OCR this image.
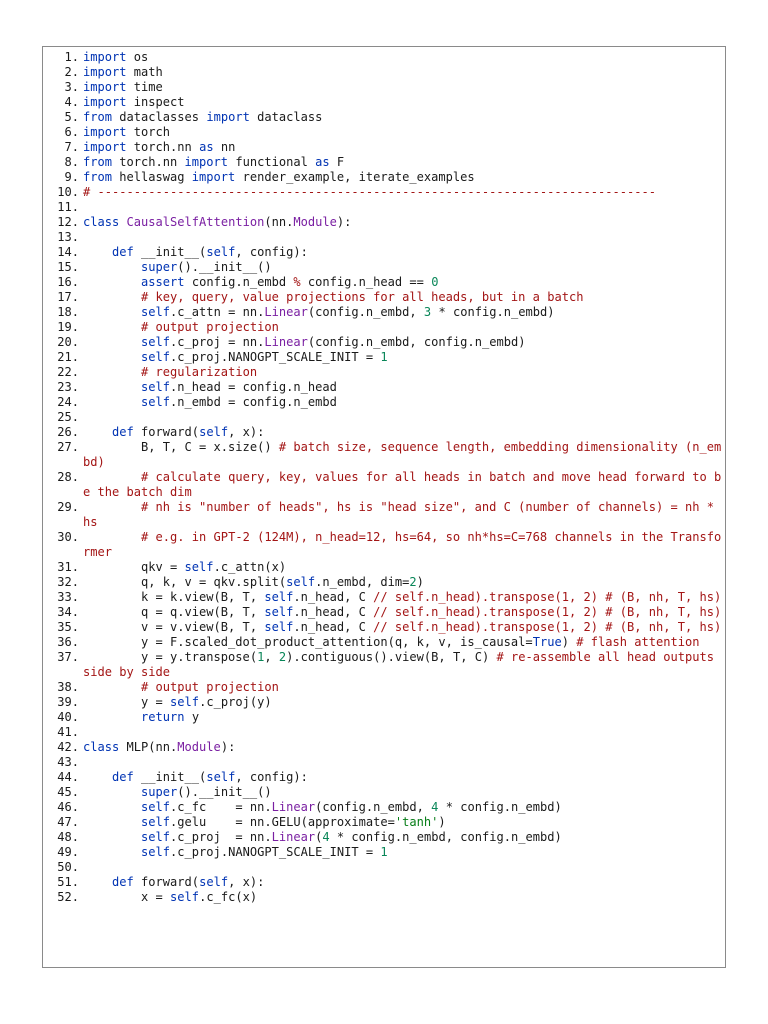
1. import os
2. import math
3. import time
4. import inspect
5. from dataclasses import dataclass
6. import torch
7. import torch.nn as nn
8. from torch.nn import functional as F
9. from hellaswag import render_example, iterate_examples
10. # -----------------------------------------------------------------------------
11.
12. class CausalSelfAttention(nn.Module):
13.
14.	def __init__(self, config):
15.	super().__init__()
16.	assert config.n_embd % config.n_head == 0
17.	# key, query, value projections for all heads, but in a batch
18.	self.c_attn = nn.Linear(config.n_embd, 3 * config.n_embd)
19.	# output projection
20.	self.c_proj = nn.Linear(config.n_embd, config.n_embd)
21.	self.c_proj.NANOGPT_SCALE_INIT = 1
22.	# regularization
23.	self.n_head = config.n_head
24.	self.n_embd = config.n_embd
25.
26.	def forward(self, x):
27.        B, T, C = x.size() # batch size, sequence length, embedding dimensionality (n_embd)
28.	# calculate query, key, values for all heads in batch and move head forward to be the batch dim
29.	# nh is "number of heads", hs is "head size", and C (number of channels) = nh * hs
30.	# e.g. in GPT-2 (124M), n_head=12, hs=64, so nh*hs=C=768 channels in the Transformer
31.        qkv = self.c_attn(x)
32.        q, k, v = qkv.split(self.n_embd, dim=2)
33.        k = k.view(B, T, self.n_head, C // self.n_head).transpose(1, 2) # (B, nh, T, hs)
34.        q = q.view(B, T, self.n_head, C // self.n_head).transpose(1, 2) # (B, nh, T, hs)
35.        v = v.view(B, T, self.n_head, C // self.n_head).transpose(1, 2) # (B, nh, T, hs)
36.        y = F.scaled_dot_product_attention(q, k, v, is_causal=True) # flash attention
37.        y = y.transpose(1, 2).contiguous().view(B, T, C) # re-assemble all head outputs side by side
38.	# output projection
39.        y = self.c_proj(y)
40.	return y
41.
42. class MLP(nn.Module):
43.
44.	def __init__(self, config):
45.	super().__init__()
46.	self.c_fc    = nn.Linear(config.n_embd, 4 * config.n_embd)
47.	self.gelu    = nn.GELU(approximate='tanh')
48.	self.c_proj  = nn.Linear(4 * config.n_embd, config.n_embd)
49.	self.c_proj.NANOGPT_SCALE_INIT = 1
50.
51.	def forward(self, x):
52.        x = self.c_fc(x)
